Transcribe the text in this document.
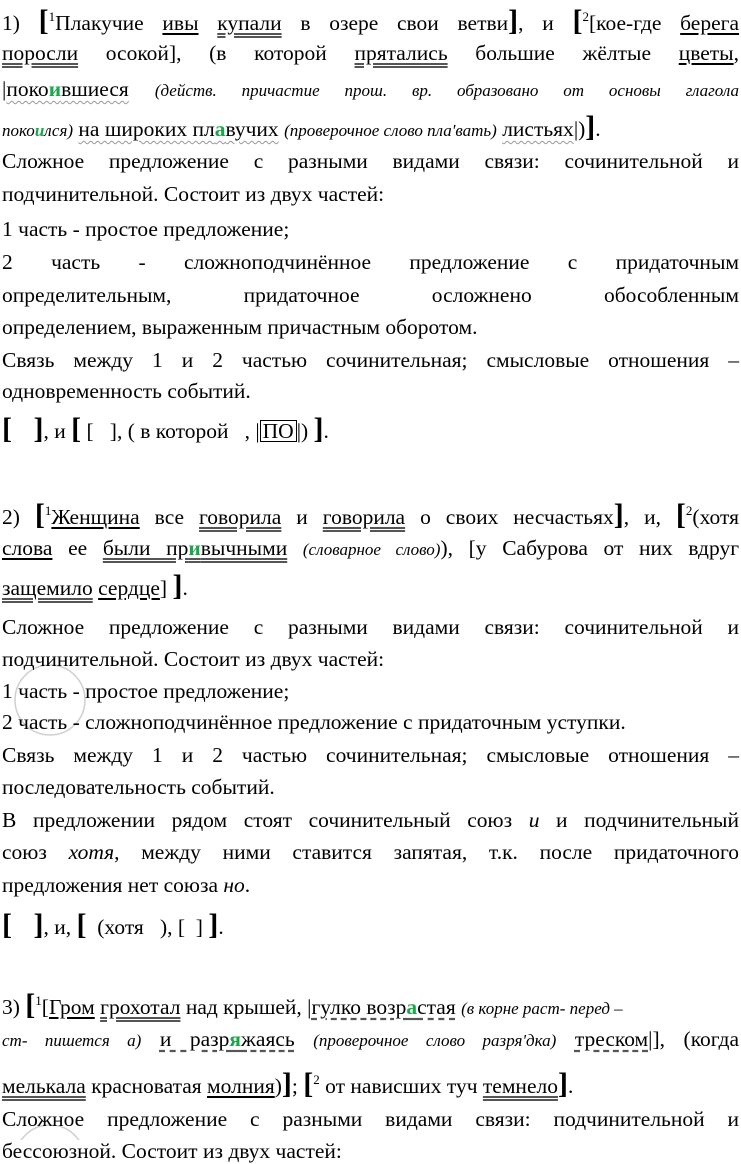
1) [$^1$Плакучие ивы купали в озере свои ветви], и [$^2$[кое-где берега
поросли осокой], (в которой прятались большие жёлтые цветы,
|покоившиеся (действ. причастие прош. вр. образовано от основы глагола
покоился) на широких плавучих (проверочное слово пла'вать) листьях|)].
Сложное предложение с разными видами связи: сочинительной и
подчинительной. Состоит из двух частей:
1 часть - простое предложение;
2 часть - сложноподчинённое предложение с придаточным
определительным, придаточное осложнено обособленным
определением, выраженным причастным оборотом.
Связь между 1 и 2 частью сочинительная; смысловые отношения –
одновременность событий.
[ ], и [ [   ], ( в которой   , | ПО |) ].
2) [$^1$Женщина все говорила и говорила о своих несчастьях], и, [$^2$(хотя
слова ее были привычными (словарное слово)), [у Сабурова от них вдруг
защемило сердце] ].
Сложное предложение с разными видами связи: сочинительной и
подчинительной. Состоит из двух частей:
1 часть - простое предложение;
2 часть - сложноподчинённое предложение с придаточным уступки.
Связь между 1 и 2 частью сочинительная; смысловые отношения –
последовательность событий.
В предложении рядом стоят сочинительный союз и и подчинительный
союз хотя, между ними ставится запятая, т.к. после придаточного
предложения нет союза но.
[ ], и, [  (хотя   ), [  ] ].
3) [$^1$[Гром грохотал над крышей, |гулко возрастая (в корне раст- перед –
ст- пишется а) и разряжаясь (проверочное слово разря'дка) треском|], (когда
мелькала красноватая молния)]; [$^2$ от нависших туч темнело].
Сложное предложение с разными видами связи: подчинительной и
бессоюзной. Состоит из двух частей:
